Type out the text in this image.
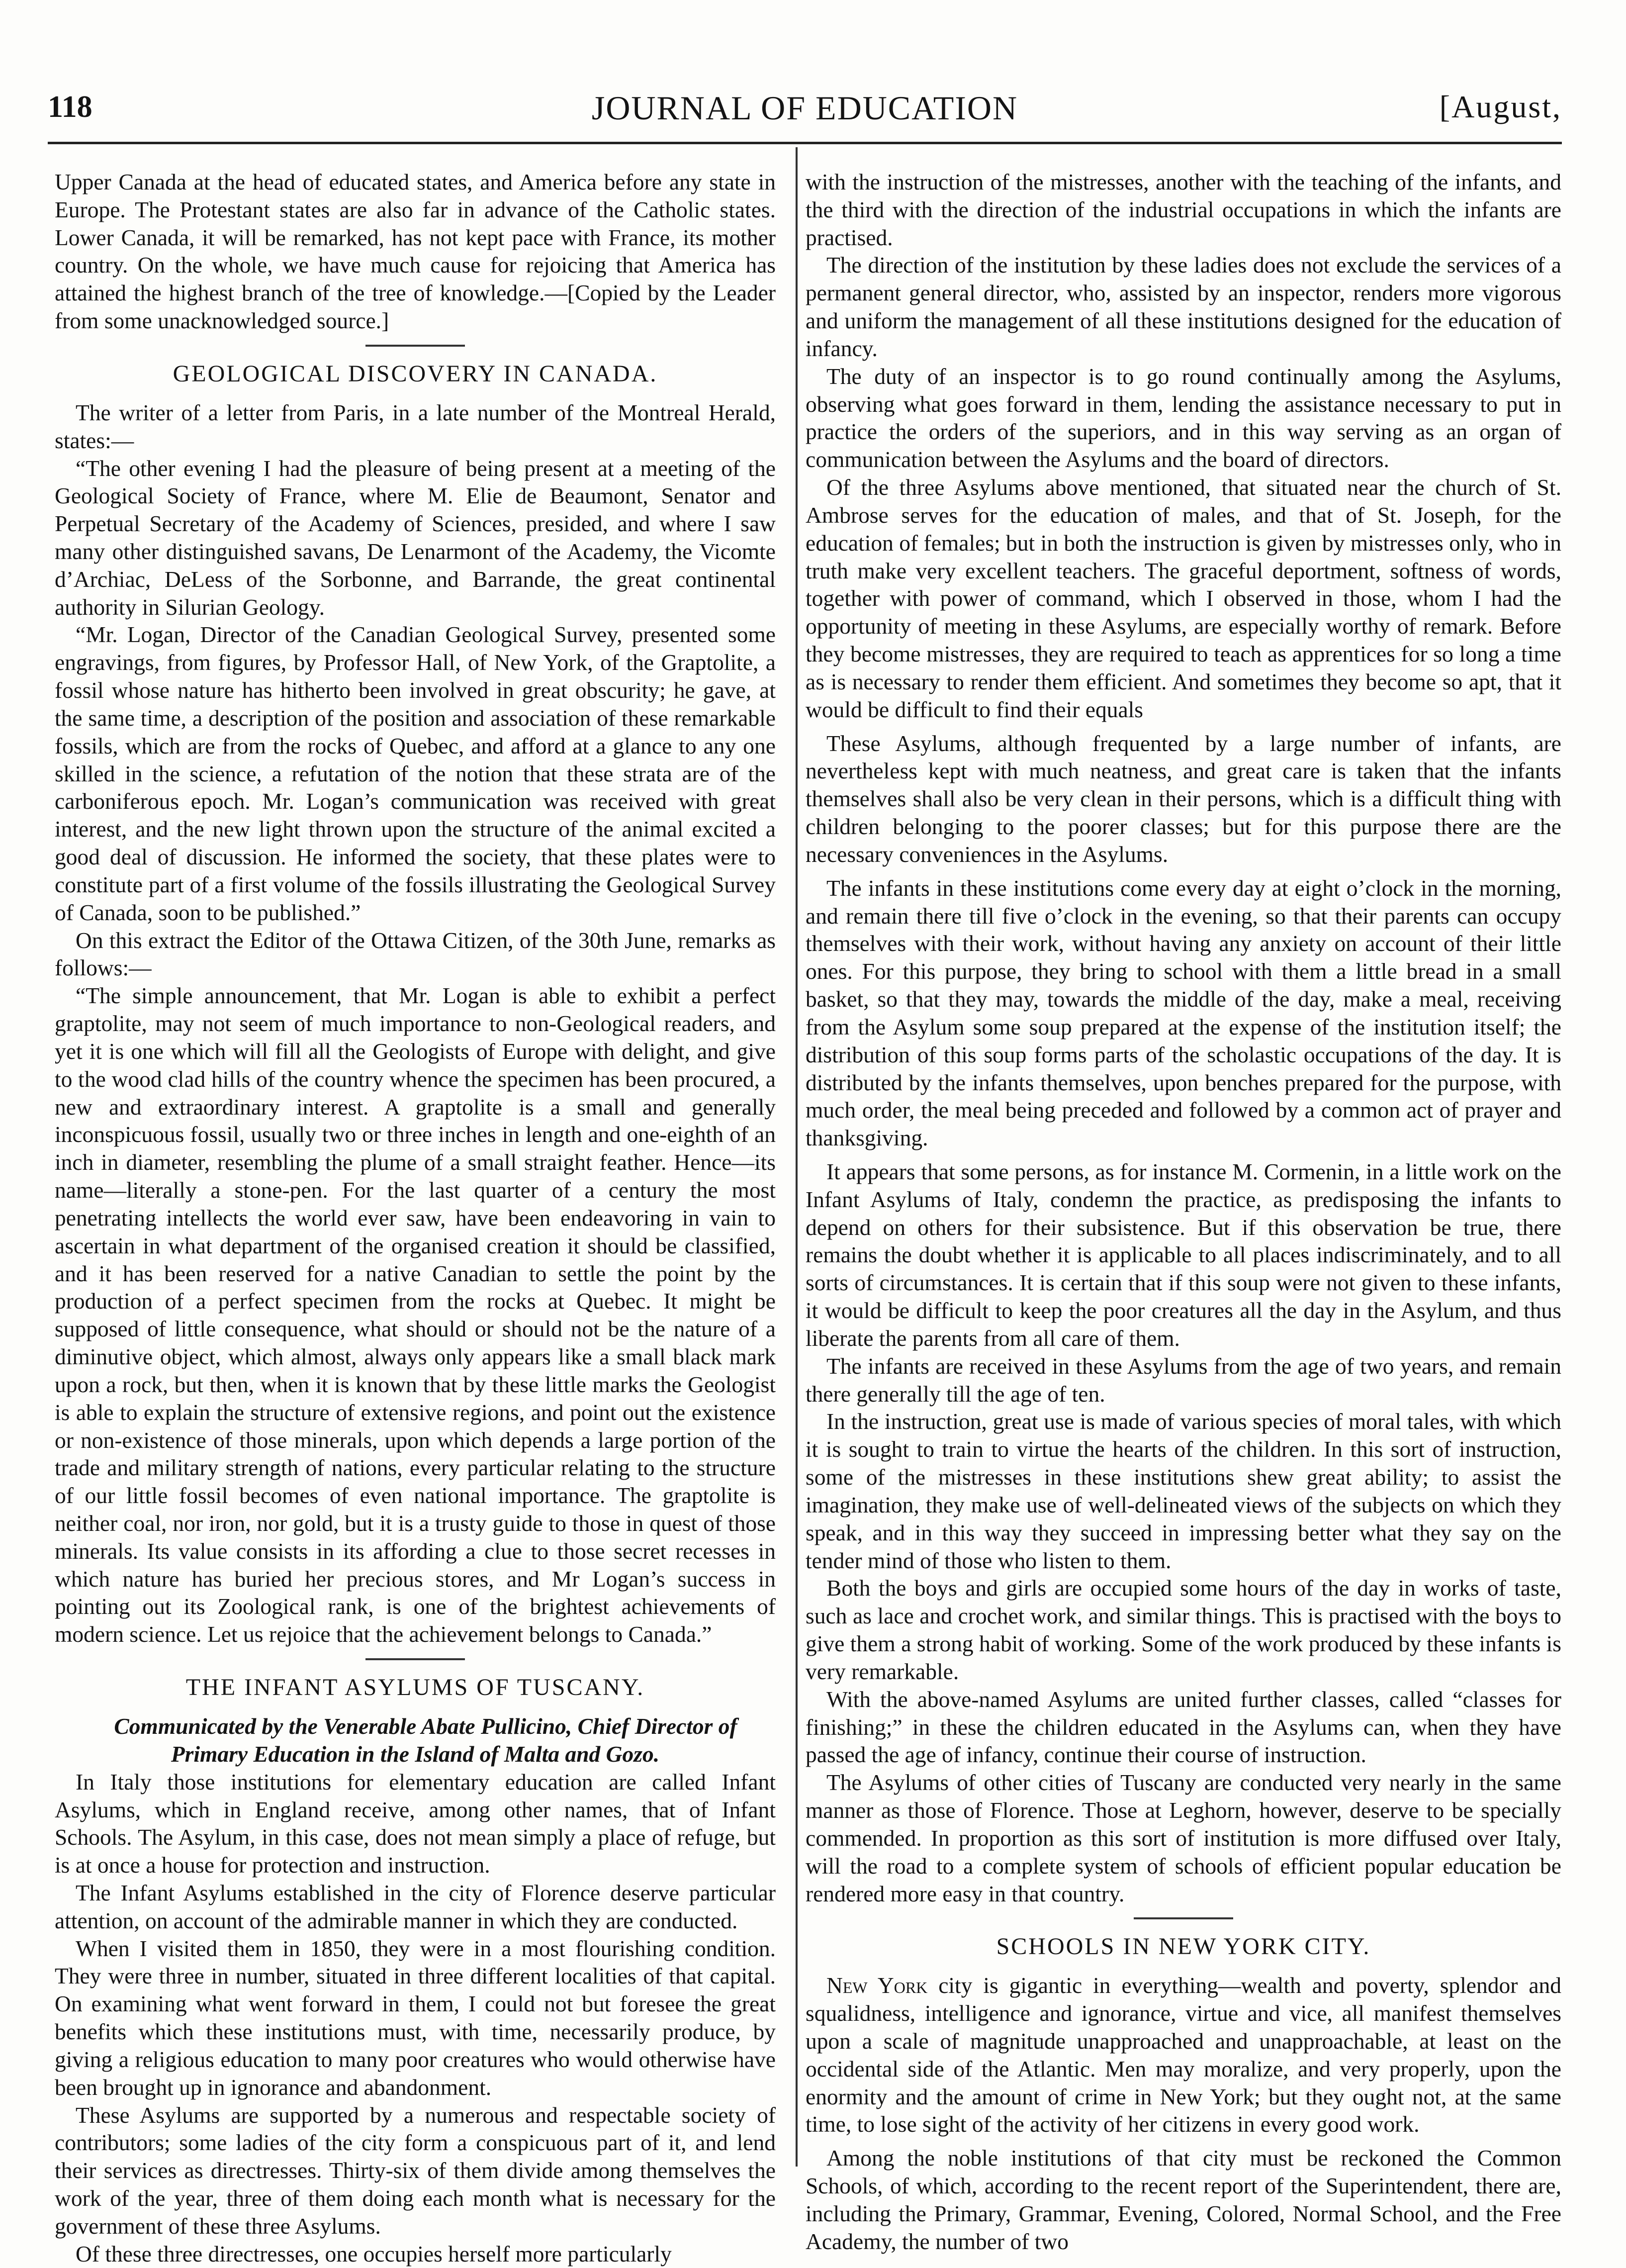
118	JOURNAL OF EDUCATION	[August,

Upper Canada at the head of educated states, and America before any state in Europe. The Protestant states are also far in advance of the Catholic states. Lower Canada, it will be remarked, has not kept pace with France, its mother country. On the whole, we have much cause for rejoicing that America has attained the highest branch of the tree of knowledge.—[Copied by the Leader from some unacknowledged source.]

GEOLOGICAL DISCOVERY IN CANADA.

The writer of a letter from Paris, in a late number of the Montreal Herald, states:—

“The other evening I had the pleasure of being present at a meeting of the Geological Society of France, where M. Elie de Beaumont, Senator and Perpetual Secretary of the Academy of Sciences, presided, and where I saw many other distinguished savans, De Lenarmont of the Academy, the Vicomte d’Archiac, DeLess of the Sorbonne, and Barrande, the great continental authority in Silurian Geology.

“Mr. Logan, Director of the Canadian Geological Survey, presented some engravings, from figures, by Professor Hall, of New York, of the Graptolite, a fossil whose nature has hitherto been involved in great obscurity; he gave, at the same time, a description of the position and association of these remarkable fossils, which are from the rocks of Quebec, and afford at a glance to any one skilled in the science, a refutation of the notion that these strata are of the carboniferous epoch. Mr. Logan’s communication was received with great interest, and the new light thrown upon the structure of the animal excited a good deal of discussion. He informed the society, that these plates were to constitute part of a first volume of the fossils illustrating the Geological Survey of Canada, soon to be published.”

On this extract the Editor of the Ottawa Citizen, of the 30th June, remarks as follows:—

“The simple announcement, that Mr. Logan is able to exhibit a perfect graptolite, may not seem of much importance to non-Geological readers, and yet it is one which will fill all the Geologists of Europe with delight, and give to the wood clad hills of the country whence the specimen has been procured, a new and extraordinary interest. A graptolite is a small and generally inconspicuous fossil, usually two or three inches in length and one-eighth of an inch in diameter, resembling the plume of a small straight feather. Hence—its name—literally a stone-pen. For the last quarter of a century the most penetrating intellects the world ever saw, have been endeavoring in vain to ascertain in what department of the organised creation it should be classified, and it has been reserved for a native Canadian to settle the point by the production of a perfect specimen from the rocks at Quebec. It might be supposed of little consequence, what should or should not be the nature of a diminutive object, which almost, always only appears like a small black mark upon a rock, but then, when it is known that by these little marks the Geologist is able to explain the structure of extensive regions, and point out the existence or non-existence of those minerals, upon which depends a large portion of the trade and military strength of nations, every particular relating to the structure of our little fossil becomes of even national importance. The graptolite is neither coal, nor iron, nor gold, but it is a trusty guide to those in quest of those minerals. Its value consists in its affording a clue to those secret recesses in which nature has buried her precious stores, and Mr Logan’s success in pointing out its Zoological rank, is one of the brightest achievements of modern science. Let us rejoice that the achievement belongs to Canada.”

THE INFANT ASYLUMS OF TUSCANY.

Communicated by the Venerable Abate Pullicino, Chief Director of Primary Education in the Island of Malta and Gozo.

In Italy those institutions for elementary education are called Infant Asylums, which in England receive, among other names, that of Infant Schools. The Asylum, in this case, does not mean simply a place of refuge, but is at once a house for protection and instruction.

The Infant Asylums established in the city of Florence deserve particular attention, on account of the admirable manner in which they are conducted.

When I visited them in 1850, they were in a most flourishing condition. They were three in number, situated in three different localities of that capital. On examining what went forward in them, I could not but foresee the great benefits which these institutions must, with time, necessarily produce, by giving a religious education to many poor creatures who would otherwise have been brought up in ignorance and abandonment.

These Asylums are supported by a numerous and respectable society of contributors; some ladies of the city form a conspicuous part of it, and lend their services as directresses. Thirty-six of them divide among themselves the work of the year, three of them doing each month what is necessary for the government of these three Asylums.

Of these three directresses, one occupies herself more particularly

with the instruction of the mistresses, another with the teaching of the infants, and the third with the direction of the industrial occupations in which the infants are practised.

The direction of the institution by these ladies does not exclude the services of a permanent general director, who, assisted by an inspector, renders more vigorous and uniform the management of all these institutions designed for the education of infancy.

The duty of an inspector is to go round continually among the Asylums, observing what goes forward in them, lending the assistance necessary to put in practice the orders of the superiors, and in this way serving as an organ of communication between the Asylums and the board of directors.

Of the three Asylums above mentioned, that situated near the church of St. Ambrose serves for the education of males, and that of St. Joseph, for the education of females; but in both the instruction is given by mistresses only, who in truth make very excellent teachers. The graceful deportment, softness of words, together with power of command, which I observed in those, whom I had the opportunity of meeting in these Asylums, are especially worthy of remark. Before they become mistresses, they are required to teach as apprentices for so long a time as is necessary to render them efficient. And sometimes they become so apt, that it would be difficult to find their equals

These Asylums, although frequented by a large number of infants, are nevertheless kept with much neatness, and great care is taken that the infants themselves shall also be very clean in their persons, which is a difficult thing with children belonging to the poorer classes; but for this purpose there are the necessary conveniences in the Asylums.

The infants in these institutions come every day at eight o’clock in the morning, and remain there till five o’clock in the evening, so that their parents can occupy themselves with their work, without having any anxiety on account of their little ones. For this purpose, they bring to school with them a little bread in a small basket, so that they may, towards the middle of the day, make a meal, receiving from the Asylum some soup prepared at the expense of the institution itself; the distribution of this soup forms parts of the scholastic occupations of the day. It is distributed by the infants themselves, upon benches prepared for the purpose, with much order, the meal being preceded and followed by a common act of prayer and thanksgiving.

It appears that some persons, as for instance M. Cormenin, in a little work on the Infant Asylums of Italy, condemn the practice, as predisposing the infants to depend on others for their subsistence. But if this observation be true, there remains the doubt whether it is applicable to all places indiscriminately, and to all sorts of circumstances. It is certain that if this soup were not given to these infants, it would be difficult to keep the poor creatures all the day in the Asylum, and thus liberate the parents from all care of them.

The infants are received in these Asylums from the age of two years, and remain there generally till the age of ten.

In the instruction, great use is made of various species of moral tales, with which it is sought to train to virtue the hearts of the children. In this sort of instruction, some of the mistresses in these institutions shew great ability; to assist the imagination, they make use of well-delineated views of the subjects on which they speak, and in this way they succeed in impressing better what they say on the tender mind of those who listen to them.

Both the boys and girls are occupied some hours of the day in works of taste, such as lace and crochet work, and similar things. This is practised with the boys to give them a strong habit of working. Some of the work produced by these infants is very remarkable.

With the above-named Asylums are united further classes, called “classes for finishing;” in these the children educated in the Asylums can, when they have passed the age of infancy, continue their course of instruction.

The Asylums of other cities of Tuscany are conducted very nearly in the same manner as those of Florence. Those at Leghorn, however, deserve to be specially commended. In proportion as this sort of institution is more diffused over Italy, will the road to a complete system of schools of efficient popular education be rendered more easy in that country.

SCHOOLS IN NEW YORK CITY.

New York city is gigantic in everything—wealth and poverty, splendor and squalidness, intelligence and ignorance, virtue and vice, all manifest themselves upon a scale of magnitude unapproached and unapproachable, at least on the occidental side of the Atlantic. Men may moralize, and very properly, upon the enormity and the amount of crime in New York; but they ought not, at the same time, to lose sight of the activity of her citizens in every good work.

Among the noble institutions of that city must be reckoned the Common Schools, of which, according to the recent report of the Superintendent, there are, including the Primary, Grammar, Evening, Colored, Normal School, and the Free Academy, the number of two
